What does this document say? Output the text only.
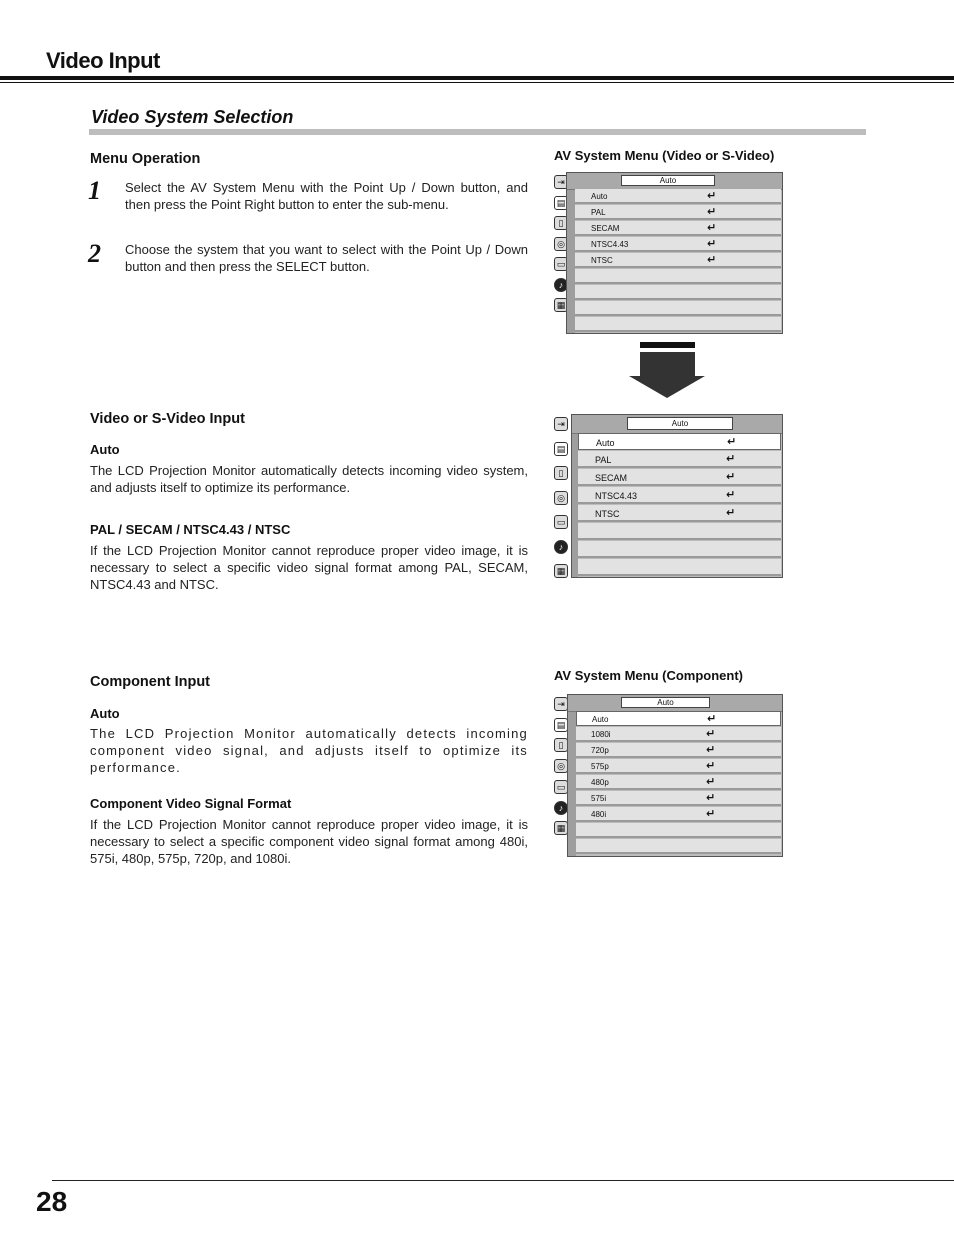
Video Input
Video System Selection
Menu Operation
1 Select the AV System Menu with the Point Up / Down button, and then press the Point Right button to enter the sub-menu.
2 Choose the system that you want to select with the Point Up / Down button and then press the SELECT button.
AV System Menu (Video or S-Video)
⇥
▤
▯
◎
▭
♪
▦
Auto
Auto	↵
PAL	↵
SECAM	↵
NTSC4.43	↵
NTSC	↵
Video or S-Video Input
Auto
The LCD Projection Monitor automatically detects incoming video system, and adjusts itself to optimize its performance.
PAL / SECAM / NTSC4.43 / NTSC
If the LCD Projection Monitor cannot reproduce proper video image, it is necessary to select a specific video signal format among PAL, SECAM, NTSC4.43 and NTSC.
⇥
▤
▯
◎
▭
♪
▦
Auto
Auto	↵
PAL	↵
SECAM	↵
NTSC4.43	↵
NTSC	↵
AV System Menu (Component)
Component Input
Auto
The LCD Projection Monitor automatically detects incoming component video signal, and adjusts itself to optimize its performance.
Component Video Signal Format
If the LCD Projection Monitor cannot reproduce proper video image, it is necessary to select a specific component video signal format among 480i, 575i, 480p, 575p, 720p, and 1080i.
⇥
▤
▯
◎
▭
♪
▦
Auto
Auto	↵
1080i	↵
720p	↵
575p	↵
480p	↵
575i	↵
480i	↵
28
